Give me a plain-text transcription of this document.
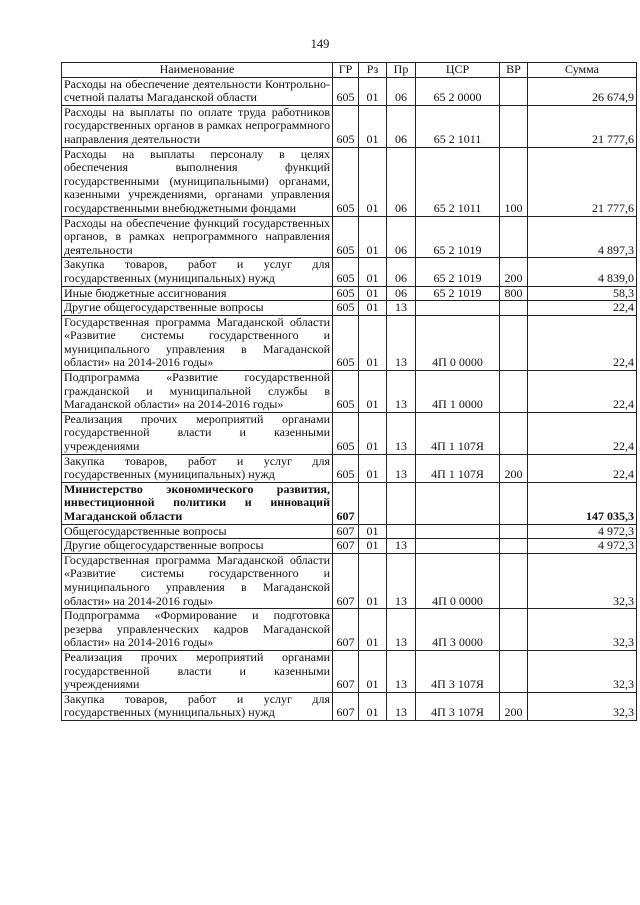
149
Наименование	ГР	Рз	Пр	ЦСР	ВР	Сумма
Расходы на обеспечение деятельности Контрольно-счетной палаты Магаданской области	605	01	06	65 2 0000		26 674,9
Расходы на выплаты по оплате труда работников государственных органов в рамках непрограммного направления деятельности	605	01	06	65 2 1011		21 777,6
Расходы на выплаты персоналу в целях обеспечения выполнения функций государственными (муниципальными) органами, казенными учреждениями, органами управления государственными внебюджетными фондами	605	01	06	65 2 1011	100	21 777,6
Расходы на обеспечение функций государственных органов, в рамках непрограммного направления деятельности	605	01	06	65 2 1019		4 897,3
Закупка товаров, работ и услуг для государственных (муниципальных) нужд	605	01	06	65 2 1019	200	4 839,0
Иные бюджетные ассигнования	605	01	06	65 2 1019	800	58,3
Другие общегосударственные вопросы	605	01	13			22,4
Государственная программа Магаданской области «Развитие системы государственного и муниципального управления в Магаданской области» на 2014-2016 годы»	605	01	13	4П 0 0000		22,4
Подпрограмма «Развитие государственной гражданской и муниципальной службы в Магаданской области» на 2014-2016 годы»	605	01	13	4П 1 0000		22,4
Реализация прочих мероприятий органами государственной власти и казенными учреждениями	605	01	13	4П 1 107Я		22,4
Закупка товаров, работ и услуг для государственных (муниципальных) нужд	605	01	13	4П 1 107Я	200	22,4
Министерство экономического развития, инвестиционной политики и инноваций Магаданской области	607					147 035,3
Общегосударственные вопросы	607	01				4 972,3
Другие общегосударственные вопросы	607	01	13			4 972,3
Государственная программа Магаданской области «Развитие системы государственного и муниципального управления в Магаданской области» на 2014-2016 годы»	607	01	13	4П 0 0000		32,3
Подпрограмма «Формирование и подготовка резерва управленческих кадров Магаданской области» на 2014-2016 годы»	607	01	13	4П 3 0000		32,3
Реализация прочих мероприятий органами государственной власти и казенными учреждениями	607	01	13	4П 3 107Я		32,3
Закупка товаров, работ и услуг для государственных (муниципальных) нужд	607	01	13	4П 3 107Я	200	32,3
